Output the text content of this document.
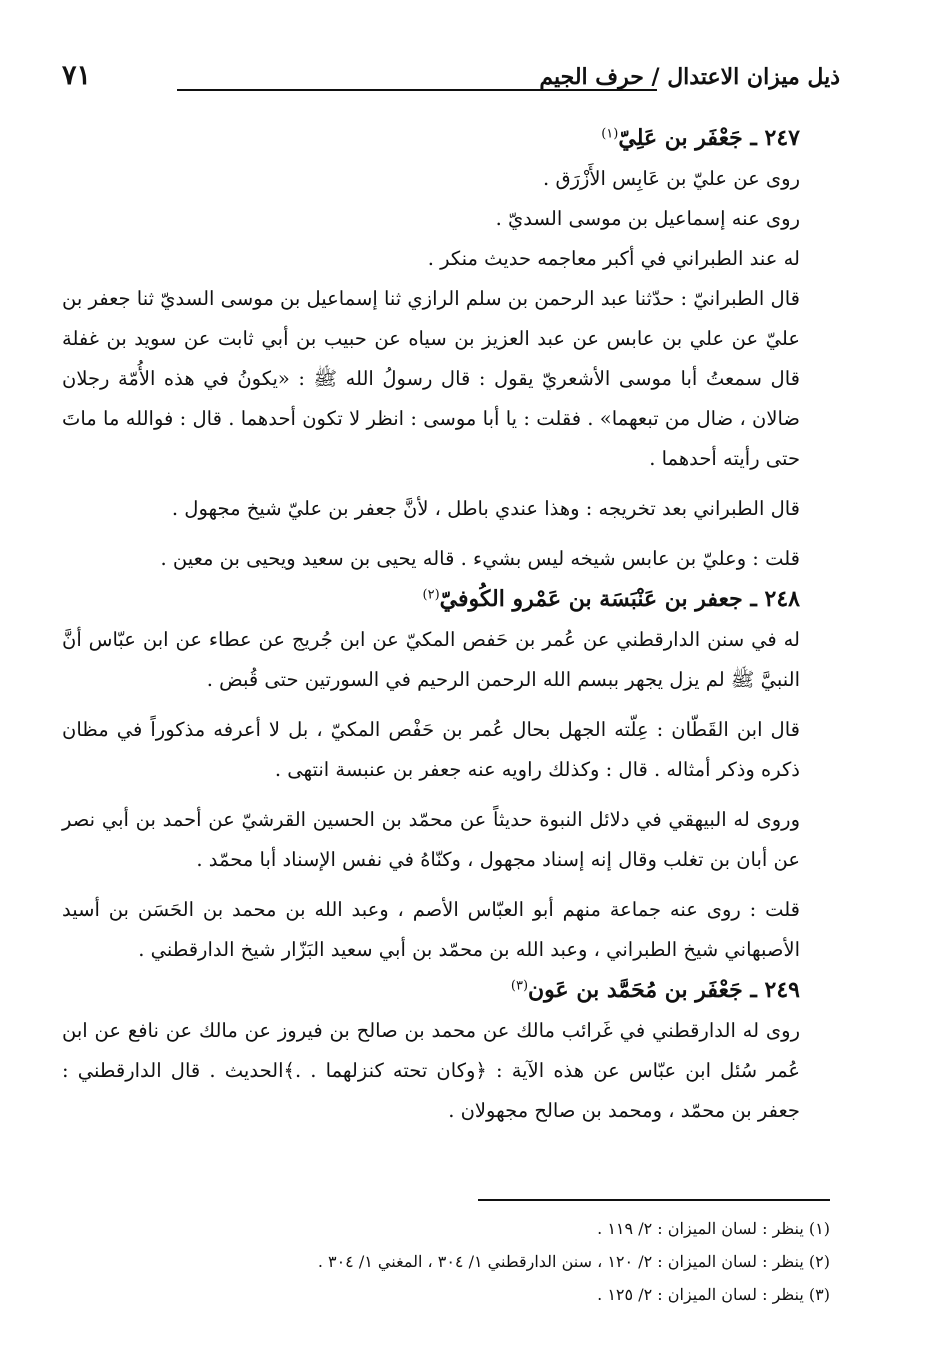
٧١	ذيل ميزان الاعتدال / حرف الجيم

٢٤٧ ـ جَعْفَر بن عَلِيّ$^{(١)}$

روى عن عليّ بن عَابِس الأَزْرَق .

روى عنه إسماعيل بن موسى السديّ .

له عند الطبراني في أكبر معاجمه حديث منكر .

قال الطبرانيّ : حدّثنا عبد الرحمن بن سلم الرازي ثنا إسماعيل بن موسى السديّ ثنا جعفر بن عليّ عن علي بن عابس عن عبد العزيز بن سياه عن حبيب بن أبي ثابت عن سويد بن غفلة قال سمعتُ أبا موسى الأشعريّ يقول : قال رسولُ الله ﷺ : «يكونُ في هذه الأُمّة رجلان ضالان ، ضال من تبعهما» . فقلت : يا أبا موسى : انظر لا تكون أحدهما . قال : فوالله ما ماتَ حتى رأيته أحدهما .

قال الطبراني بعد تخريجه : وهذا عندي باطل ، لأنَّ جعفر بن عليّ شيخ مجهول .

قلت : وعليّ بن عابس شيخه ليس بشيء . قاله يحيى بن سعيد ويحيى بن معين .

٢٤٨ ـ جعفر بن عَنْبَسَة بن عَمْرو الكُوفيّ$^{(٢)}$

له في سنن الدارقطني عن عُمر بن حَفص المكيّ عن ابن جُريج عن عطاء عن ابن عبّاس أنَّ النبيَّ ﷺ لم يزل يجهر ببسم الله الرحمن الرحيم في السورتين حتى قُبض .

قال ابن القَطّان : عِلّته الجهل بحال عُمر بن حَفْص المكيّ ، بل لا أعرفه مذكوراً في مظان ذكره وذكر أمثاله . قال : وكذلك راويه عنه جعفر بن عنبسة انتهى .

وروى له البيهقي في دلائل النبوة حديثاً عن محمّد بن الحسين القرشيّ عن أحمد بن أبي نصر عن أبان بن تغلب وقال إنه إسناد مجهول ، وكنّاهُ في نفس الإسناد أبا محمّد .

قلت : روى عنه جماعة منهم أبو العبّاس الأصم ، وعبد الله بن محمد بن الحَسَن بن أسيد الأصبهاني شيخ الطبراني ، وعبد الله بن محمّد بن أبي سعيد البَزّار شيخ الدارقطني .

٢٤٩ ـ جَعْفَر بن مُحَمَّد بن عَون$^{(٣)}$

روى له الدارقطني في غَرائب مالك عن محمد بن صالح بن فيروز عن مالك عن نافع عن ابن عُمر سُئل ابن عبّاس عن هذه الآية : ﴿وكان تحته كنزلهما . .﴾الحديث . قال الدارقطني : جعفر بن محمّد ، ومحمد بن صالح مجهولان .

(١) ينظر : لسان الميزان : ٢/ ١١٩ .

(٢) ينظر : لسان الميزان : ٢/ ١٢٠ ، سنن الدارقطني ١/ ٣٠٤ ، المغني ١/ ٣٠٤ .

(٣) ينظر : لسان الميزان : ٢/ ١٢٥ .
